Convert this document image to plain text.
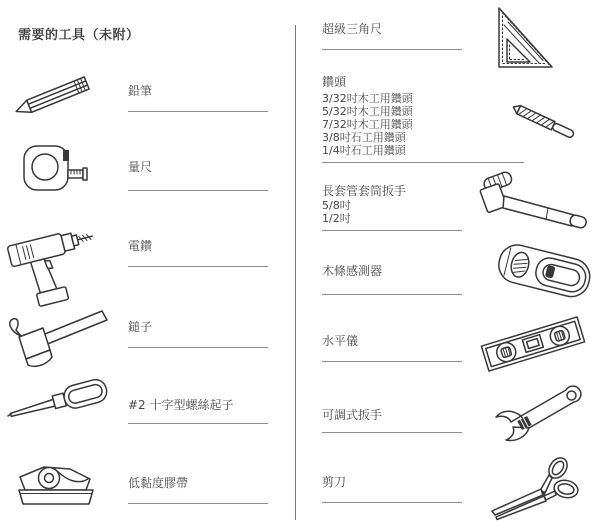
需要的工具（未附）
鉛筆
量尺
電鑽
鎚子
#2 十字型螺絲起子
低黏度膠帶
超級三角尺
鑽頭
3/32吋木工用鑽頭
5/32吋木工用鑽頭
7/32吋木工用鑽頭
3/8吋石工用鑽頭
1/4吋石工用鑽頭
長套管套筒扳手
5/8吋
1/2吋
木條感測器
水平儀
可調式扳手
剪刀
